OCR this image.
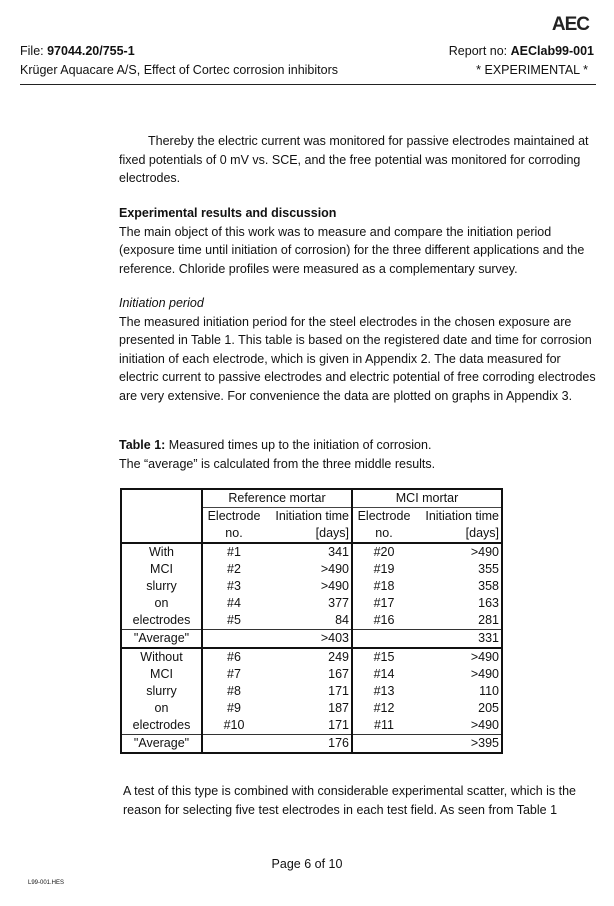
AEC
File: 97044.20/755-1	Report no: AEClab99-001
Krüger Aquacare A/S, Effect of Cortec corrosion inhibitors	* EXPERIMENTAL *

Thereby the electric current was monitored for passive electrodes maintained at fixed potentials of 0 mV vs. SCE, and the free potential was monitored for corroding electrodes.

Experimental results and discussion

The main object of this work was to measure and compare the initiation period (exposure time until initiation of corrosion) for the three different applications and the reference. Chloride profiles were measured as a complementary survey.

Initiation period

The measured initiation period for the steel electrodes in the chosen exposure are presented in Table 1. This table is based on the registered date and time for corrosion initiation of each electrode, which is given in Appendix 2. The data measured for electric current to passive electrodes and electric potential of free corroding electrodes are very extensive. For convenience the data are plotted on graphs in Appendix 3.

Table 1: Measured times up to the initiation of corrosion.

The “average” is calculated from the three middle results.

	Reference mortar		MCI mortar	
	Electrode	Initiation time	Electrode	Initiation time
	no.	[days]	no.	[days]
With	#1	341	#20	>490
MCI	#2	>490	#19	355
slurry	#3	>490	#18	358
on	#4	377	#17	163
electrodes	#5	84	#16	281
"Average"		>403		331
Without	#6	249	#15	>490
MCI	#7	167	#14	>490
slurry	#8	171	#13	110
on	#9	187	#12	205
electrodes	#10	171	#11	>490
"Average"		176		>395

A test of this type is combined with considerable experimental scatter, which is the reason for selecting five test electrodes in each test field. As seen from Table 1

Page 6 of 10
L99-001.HES
